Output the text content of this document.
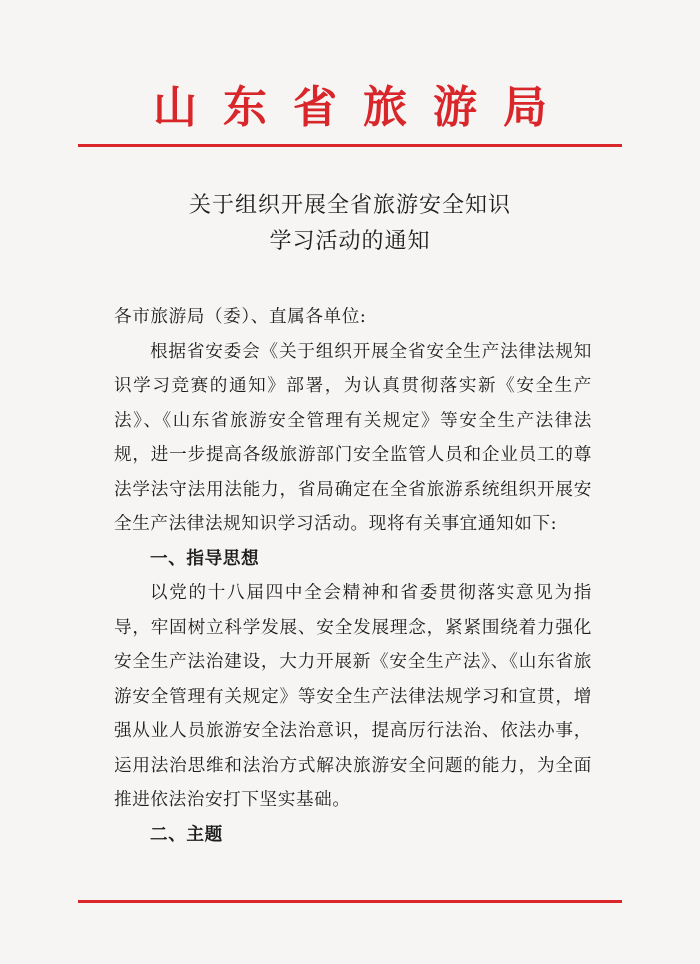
山东省旅游局
关于组织开展全省旅游安全知识
学习活动的通知

各市旅游局（委）、直属各单位:

根据省安委会《关于组织开展全省安全生产法律法规知识学习竞赛的通知》部署，为认真贯彻落实新《安全生产法》、《山东省旅游安全管理有关规定》等安全生产法律法规，进一步提高各级旅游部门安全监管人员和企业员工的尊法学法守法用法能力，省局确定在全省旅游系统组织开展安全生产法律法规知识学习活动。现将有关事宜通知如下:

一、指导思想

以党的十八届四中全会精神和省委贯彻落实意见为指导，牢固树立科学发展、安全发展理念，紧紧围绕着力强化安全生产法治建设，大力开展新《安全生产法》、《山东省旅游安全管理有关规定》等安全生产法律法规学习和宣贯，增强从业人员旅游安全法治意识，提高厉行法治、依法办事，运用法治思维和法治方式解决旅游安全问题的能力，为全面推进依法治安打下坚实基础。

二、主题
